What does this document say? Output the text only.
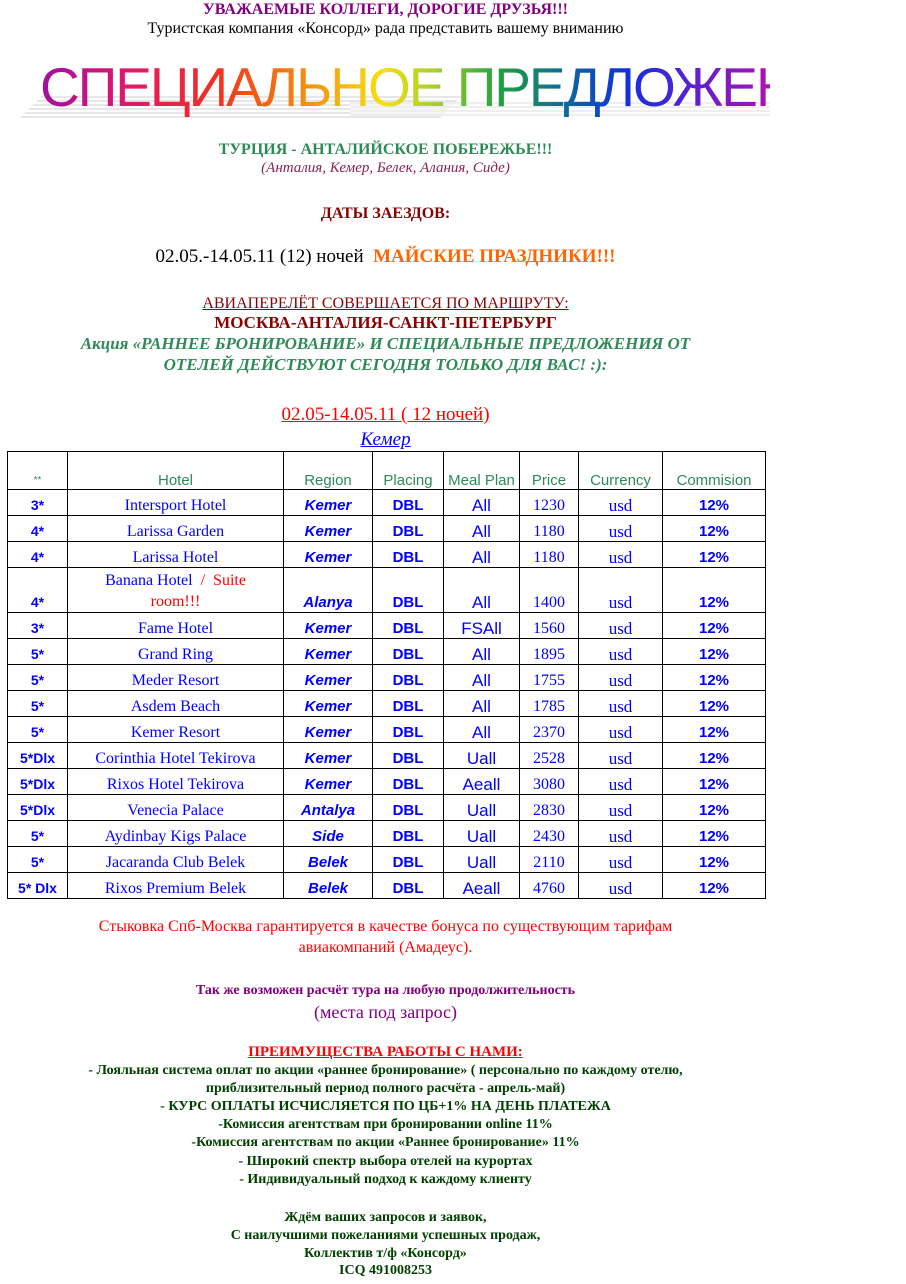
УВАЖАЕМЫЕ КОЛЛЕГИ, ДОРОГИЕ ДРУЗЬЯ!!!
Туристская компания «Консорд» рада представить вашему вниманию
СПЕЦИАЛЬНОЕ ПРЕДЛОЖЕНИЕ!!!
ТУРЦИЯ - АНТАЛИЙСКОЕ ПОБЕРЕЖЬЕ!!!
(Анталия, Кемер, Белек, Алания, Сиде)
ДАТЫ ЗАЕЗДОВ:
02.05.-14.05.11 (12) ночей МАЙСКИЕ ПРАЗДНИКИ!!!
АВИАПЕРЕЛЁТ СОВЕРШАЕТСЯ ПО МАРШРУТУ:
МОСКВА-АНТАЛИЯ-САНКТ-ПЕТЕРБУРГ
Акция «РАННЕЕ БРОНИРОВАНИЕ» И СПЕЦИАЛЬНЫЕ ПРЕДЛОЖЕНИЯ ОТ
ОТЕЛЕЙ ДЕЙСТВУЮТ СЕГОДНЯ ТОЛЬКО ДЛЯ ВАС! :):
02.05-14.05.11 ( 12 ночей)
Кемер
**	Hotel	Region	Placing	Meal Plan	Price	Currency	Commision
3*	Intersport Hotel	Kemer	DBL	All	1230	usd	12%
4*	Larissa Garden	Kemer	DBL	All	1180	usd	12%
4*	Larissa Hotel	Kemer	DBL	All	1180	usd	12%
4*	Banana Hotel / Suite room!!!	Alanya	DBL	All	1400	usd	12%
3*	Fame Hotel	Kemer	DBL	FSAll	1560	usd	12%
5*	Grand Ring	Kemer	DBL	All	1895	usd	12%
5*	Meder Resort	Kemer	DBL	All	1755	usd	12%
5*	Asdem Beach	Kemer	DBL	All	1785	usd	12%
5*	Kemer Resort	Kemer	DBL	All	2370	usd	12%
5*Dlx	Corinthia Hotel Tekirova	Kemer	DBL	Uall	2528	usd	12%
5*Dlx	Rixos Hotel Tekirova	Kemer	DBL	Aeall	3080	usd	12%
5*Dlx	Venecia Palace	Antalya	DBL	Uall	2830	usd	12%
5*	Aydinbay Kigs Palace	Side	DBL	Uall	2430	usd	12%
5*	Jacaranda Club Belek	Belek	DBL	Uall	2110	usd	12%
5* Dlx	Rixos Premium Belek	Belek	DBL	Aeall	4760	usd	12%
Стыковка Спб-Москва гарантируется в качестве бонуса по существующим тарифам
авиакомпаний (Амадеус).
Так же возможен расчёт тура на любую продолжительность
(места под запрос)
ПРЕИМУЩЕСТВА РАБОТЫ С НАМИ:
- Лояльная система оплат по акции «раннее бронирование» ( персонально по каждому отелю,
приблизительный период полного расчёта - апрель-май)
- КУРС ОПЛАТЫ ИСЧИСЛЯЕТСЯ ПО ЦБ+1% НА ДЕНЬ ПЛАТЕЖА
-Комиссия агентствам при бронировании online 11%
-Комиссия агентствам по акции «Раннее бронирование» 11%
- Широкий спектр выбора отелей на курортах
- Индивидуальный подход к каждому клиенту
Ждём ваших запросов и заявок,
С наилучшими пожеланиями успешных продаж,
Коллектив т/ф «Консорд»
ICQ 491008253
